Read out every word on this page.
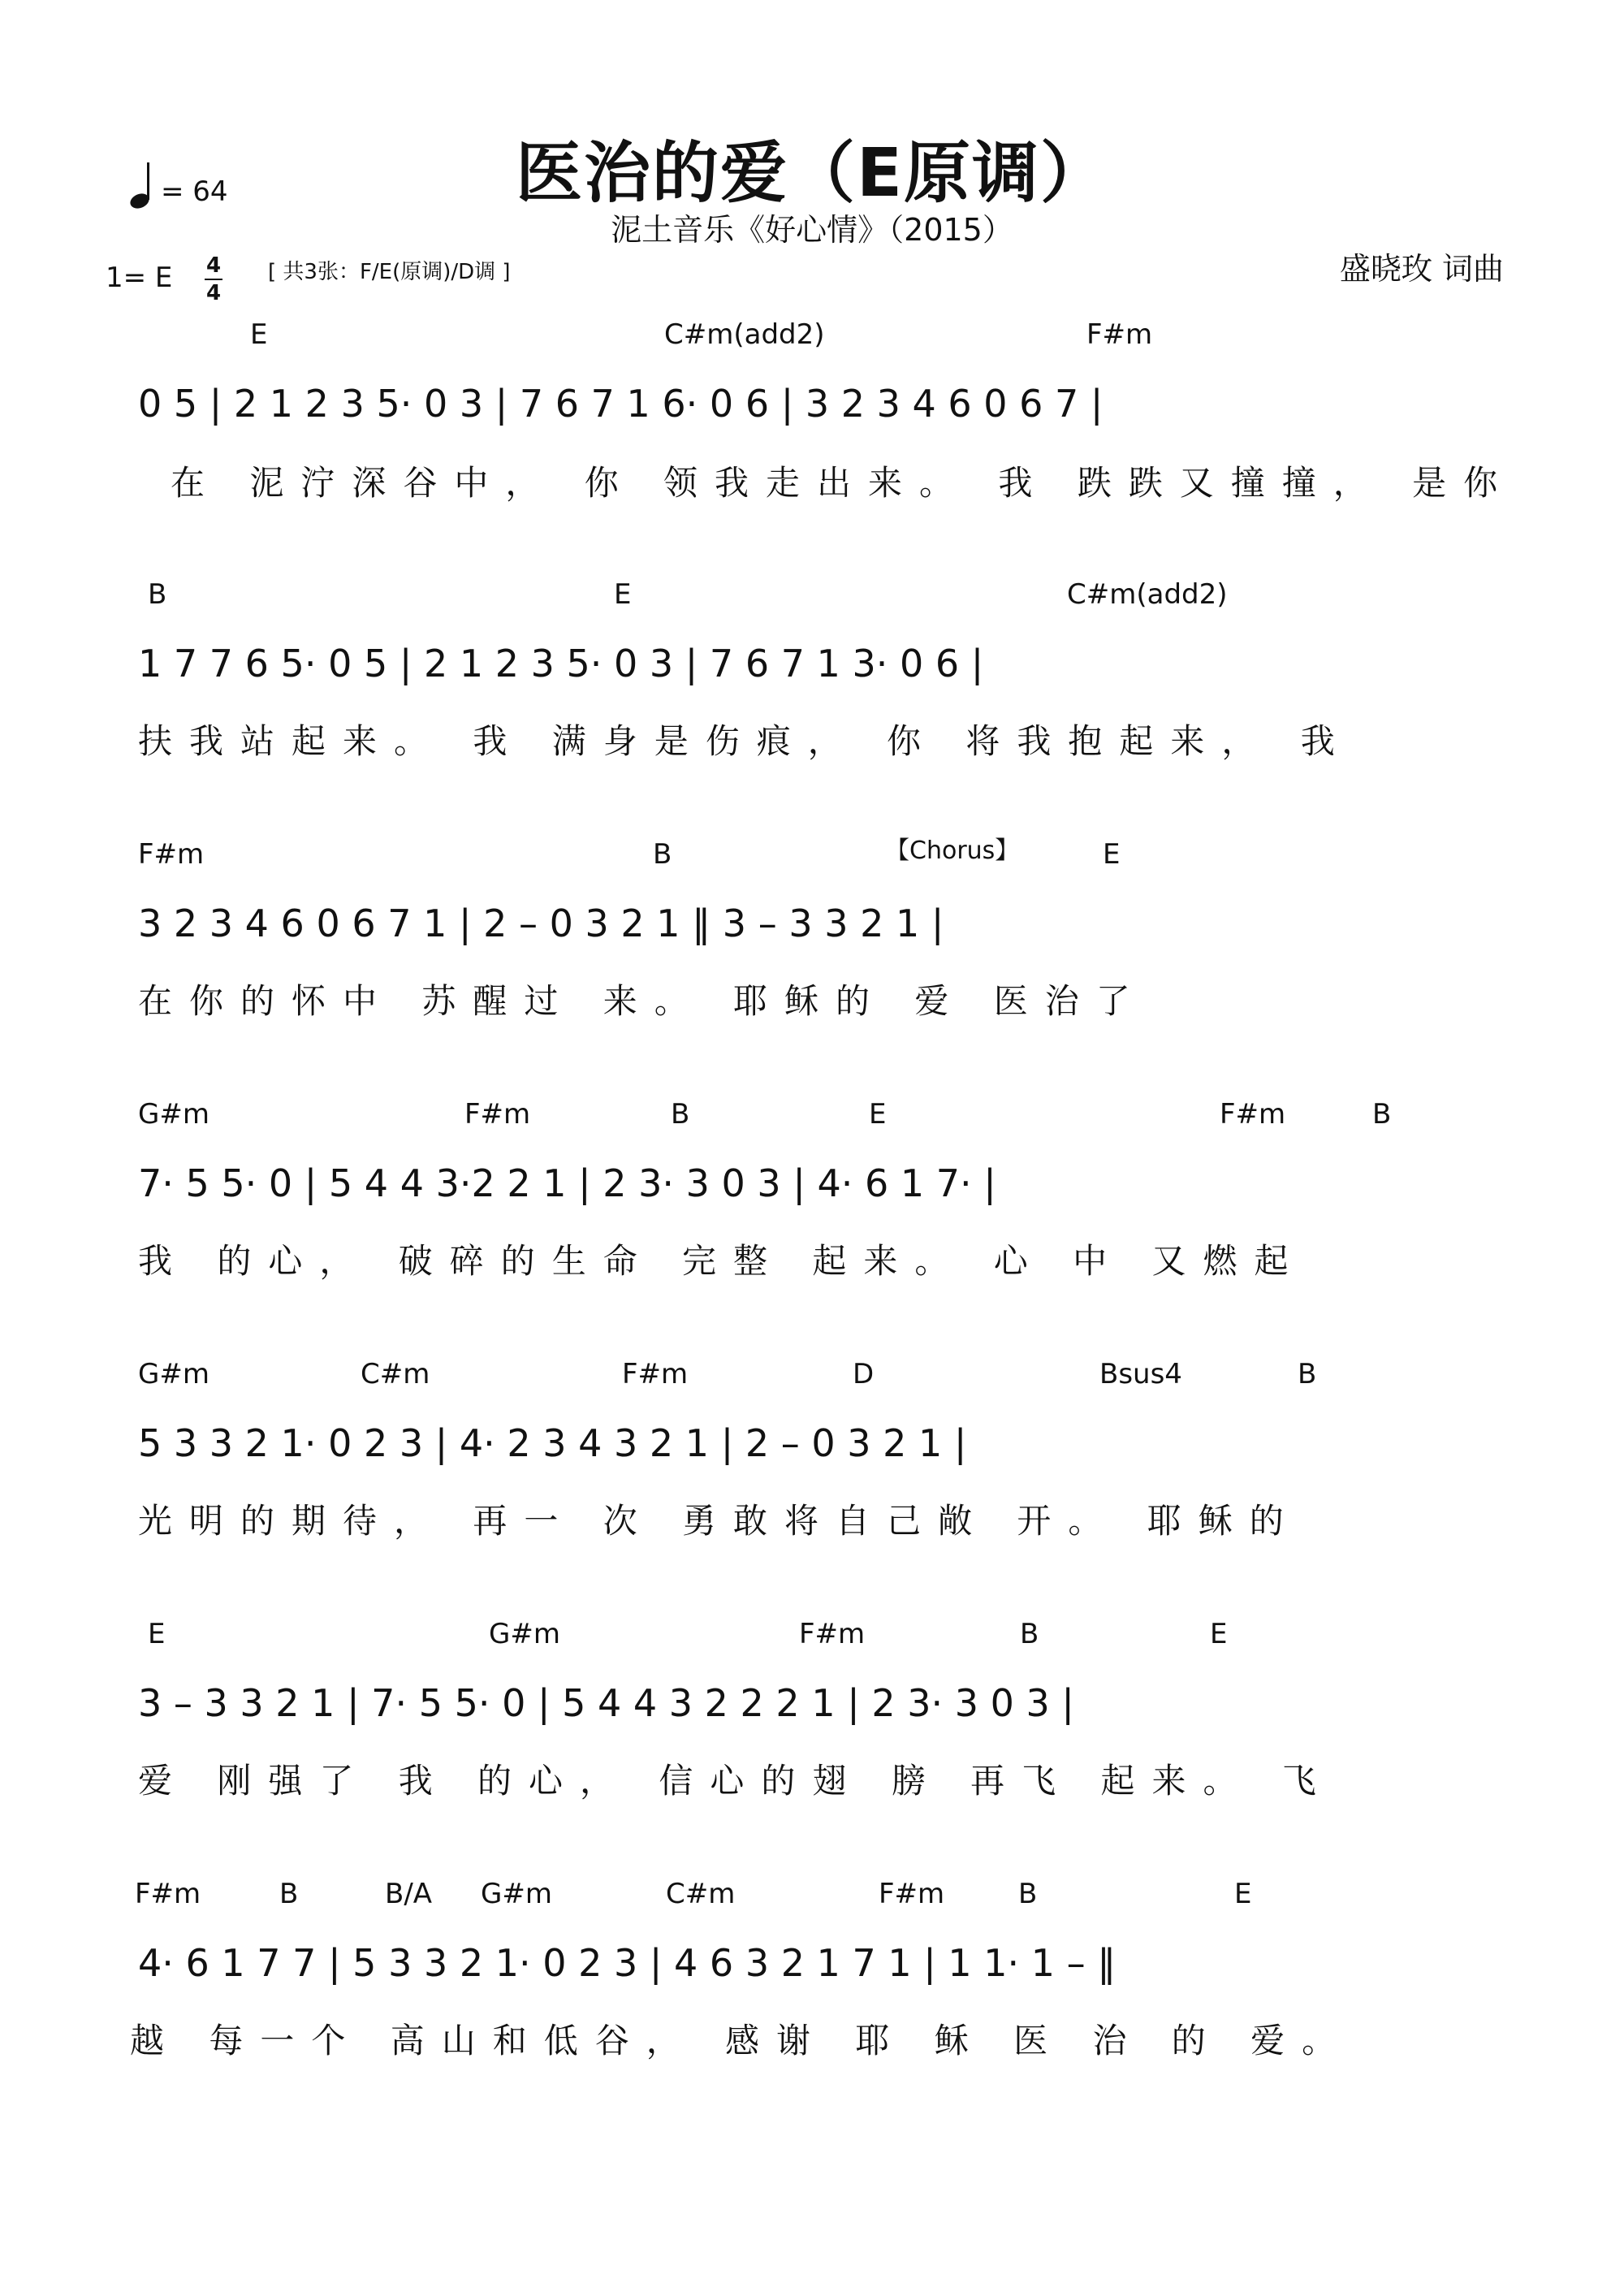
医治的爱（E原调）
泥土音乐《好心情》（2015）
= 64
1= E 4
4
[ 共3张：F/E(原调)/D调 ]	盛晓玫 词曲
E	C#m(add2)	F#m
0 5 | 2 1 2 3 5· 0 3 | 7 6 7 1 6· 0 6 | 3 2 3 4 6 0 6 7 |
在 泥泞深谷中， 你 领我走出来。 我 跌跌又撞撞， 是你
B	E	C#m(add2)
1 7 7 6 5· 0 5 | 2 1 2 3 5· 0 3 | 7 6 7 1 3· 0 6 |
扶我站起来。 我 满身是伤痕， 你 将我抱起来， 我
F#m	B	【Chorus】	E
3 2 3 4 6 0 6 7 1 | 2 – 0 3 2 1 ‖ 3 – 3 3 2 1 |
在你的怀中 苏醒过 来。 耶稣的 爱 医治了
G#m	F#m	B	E	F#m	B
7· 5 5· 0 | 5 4 4 3·2 2 1 | 2 3· 3 0 3 | 4· 6 1 7· |
我 的心， 破碎的生命 完整 起来。 心 中 又燃起
G#m	C#m	F#m	D	Bsus4	B
5 3 3 2 1· 0 2 3 | 4· 2 3 4 3 2 1 | 2 – 0 3 2 1 |
光明的期待， 再一 次 勇敢将自己敞 开。 耶稣的
E	G#m	F#m	B	E
3 – 3 3 2 1 | 7· 5 5· 0 | 5 4 4 3 2 2 2 1 | 2 3· 3 0 3 |
爱 刚强了 我 的心， 信心的翅 膀 再飞 起来。 飞
F#m	B	B/A G#m	C#m	F#m	B	E
4· 6 1 7 7 | 5 3 3 2 1· 0 2 3 | 4 6 3 2 1 7 1 | 1 1· 1 – ‖
越 每一个 高山和低谷， 感谢 耶 稣 医 治 的 爱。
